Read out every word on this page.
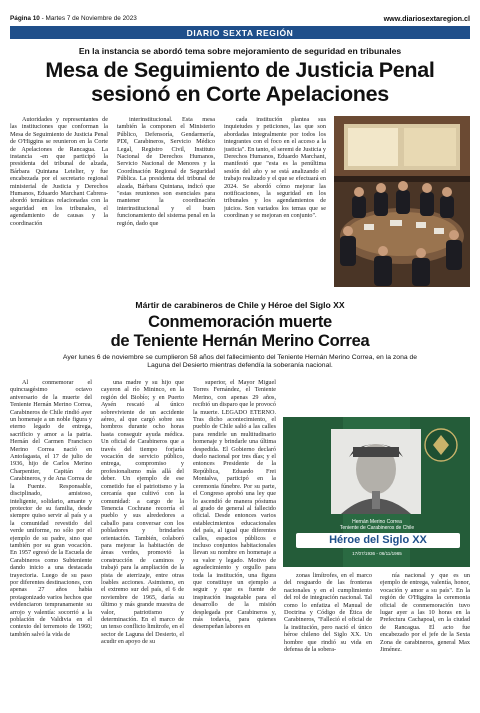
Página 10 - Martes 7 de Noviembre de 2023	www.diariosextaregion.cl
DIARIO SEXTA REGIÓN
En la instancia se abordó tema sobre mejoramiento de seguridad en tribunales
Mesa de Seguimiento de Justicia Penal
sesionó en Corte Apelaciones

Autoridades y representantes de las instituciones que conforman la Mesa de Seguimiento de Justicia Penal de O'Higgins se reunieron en la Corte de Apelaciones de Rancagua. La instancia -en que participó la presidenta del tribunal de alzada, Bárbara Quintana Letelier, y fue encabezada por el secretario regional ministerial de Justicia y Derechos Humanos, Eduardo Marchant Cabrera- abordó temáticas relacionadas con la seguridad en los tribunales, el agendamiento de causas y la coordinación

interinstitucional. Esta mesa también la componen el Ministerio Público, Defensoría, Gendarmería, PDI, Carabineros, Servicio Médico Legal, Registro Civil, Instituto Nacional de Derechos Humanos, Servicio Nacional de Menores y la Coordinación Regional de Seguridad Pública. La presidenta del tribunal de alzada, Bárbara Quintana, indicó que "estas reuniones son esenciales para mantener la coordinación interinstitucional y el buen funcionamiento del sistema penal en la región, dado que

cada institución plantea sus inquietudes y peticiones, las que son abordadas integralmente por todos los integrantes con el foco en el acceso a la justicia". En tanto, el seremi de Justicia y Derechos Humanos, Eduardo Marchant, manifestó que "esta es la penúltima sesión del año y se está analizando el trabajo realizado y el que se efectuará en 2024. Se abordó cómo mejorar las notificaciones, la seguridad en los tribunales y los agendamientos de juicios. Son variados los temas que se coordinan y se mejoran en conjunto".

Mártir de carabineros de Chile y Héroe del Siglo XX
Conmemoración muerte
de Teniente Hernán Merino Correa
Ayer lunes 6 de noviembre se cumplieron 58 años del fallecimiento del Teniente Hernán Merino Correa, en la zona de Laguna del Desierto mientras defendía la soberanía nacional.

Al conmemorar el quincuagésimo octavo aniversario de la muerte del Teniente Hernán Merino Correa, Carabineros de Chile rindió ayer un homenaje a un noble figura y eterno legado de entrega, sacrificio y amor a la patria. Hernán del Carmen Francisco Merino Correa nació en Antofagasta, el 17 de julio de 1936, hijo de Carlos Merino Charpentier, Capitán de Carabineros, y de Ana Correa de la Fuente. Responsable, disciplinado, amistoso, inteligente, solidario, amante y protector de su familia, desde siempre quiso servir al país y a la comunidad revestido del verde uniforme, no sólo por el ejemplo de su padre, sino que también por su gran vocación. En 1957 egresó de la Escuela de Carabineros como Subteniente dando inicio a una destacada trayectoria. Luego de su paso por diferentes destinaciones, con apenas 27 años había protagonizado varios hechos que evidenciaron tempranamente su arrojo y valentía: socorrió a la población de Valdivia en el contexto del terremoto de 1960; también salvó la vida de

una madre y su hijo que cayeron al río Mininco, en la región del Biobío; y en Puerto Aysén rescató al único sobreviviente de un accidente aéreo, al que cargó sobre sus hombros durante ocho horas hasta conseguir ayuda médica. Un oficial de Carabineros que a través del tiempo forjaría vocación de servicio público, entrega, compromiso y profesionalismo más allá del deber. Un ejemplo de ese cometido fue el patriotismo y la cercanía que cultivó con la comunidad: a cargo de la Tenencia Cochrane recorría el pueblo y sus alrededores a caballo para conversar con los pobladores y brindarles orientación. También, colaboró para mejorar la habitación de áreas verdes, promovió la construcción de caminos y trabajó para la ampliación de la pista de aterrizaje, entre otras loables acciones. Asimismo, en el extremo sur del país, el 6 de noviembre de 1965, daría su último y más grande muestra de valor, patriotismo y determinación. En el marco de un tenso conflicto limítrofe, en el sector de Laguna del Desierto, el acudir en apoyo de su

superior, el Mayor Miguel Torres Fernández, el Teniente Merino, con apenas 29 años, recibió un disparo que le provocó la muerte. LEGADO ETERNO. Tras dicho acontecimiento, el pueblo de Chile salió a las calles para rendirle un multitudinario homenaje y brindarle una última despedida. El Gobierno declaró duelo nacional por tres días; y el entonces Presidente de la República, Eduardo Frei Montalva, participó en la ceremonia fúnebre. Por su parte, el Congreso aprobó una ley que lo ascendió de manera póstuma al grado de general al fallecido oficial. Desde entonces varios establecimientos educacionales del país, al igual que diferentes calles, espacios públicos e incluso conjuntos habitacionales llevan su nombre en homenaje a su valor y legado. Motivo de agradecimiento y orgullo para toda la institución, una figura que constituye un ejemplo a seguir y que es fuente de inspiración inagotable para el desarrollo de la misión desplegada por Carabineros y, más todavía, para quienes desempeñan labores en

zonas limítrofes, en el marco del resguardo de las fronteras nacionales y en el cumplimiento del rol de integración nacional. Tal como lo enfatiza el Manual de Doctrina y Código de Ética de Carabineros, "Falleció el oficial de la institución, pero nació el único héroe chileno del Siglo XX. Un hombre que rindió su vida en defensa de la sobera-

nía nacional y que es un ejemplo de entrega, valentía, honor, vocación y amor a su país". En la región de O'Higgins la ceremonia oficial de conmemoración tuvo lugar ayer a las 10 horas en la Prefectura Cachapoal, en la ciudad de Rancagua. El acto fue encabezado por el jefe de la Sexta Zona de carabineros, general Max Jiménez.

Hernán Merino Correa
Teniente de Carabineros de Chile
Héroe del Siglo XX
17/07/1936 - 06/11/1965
